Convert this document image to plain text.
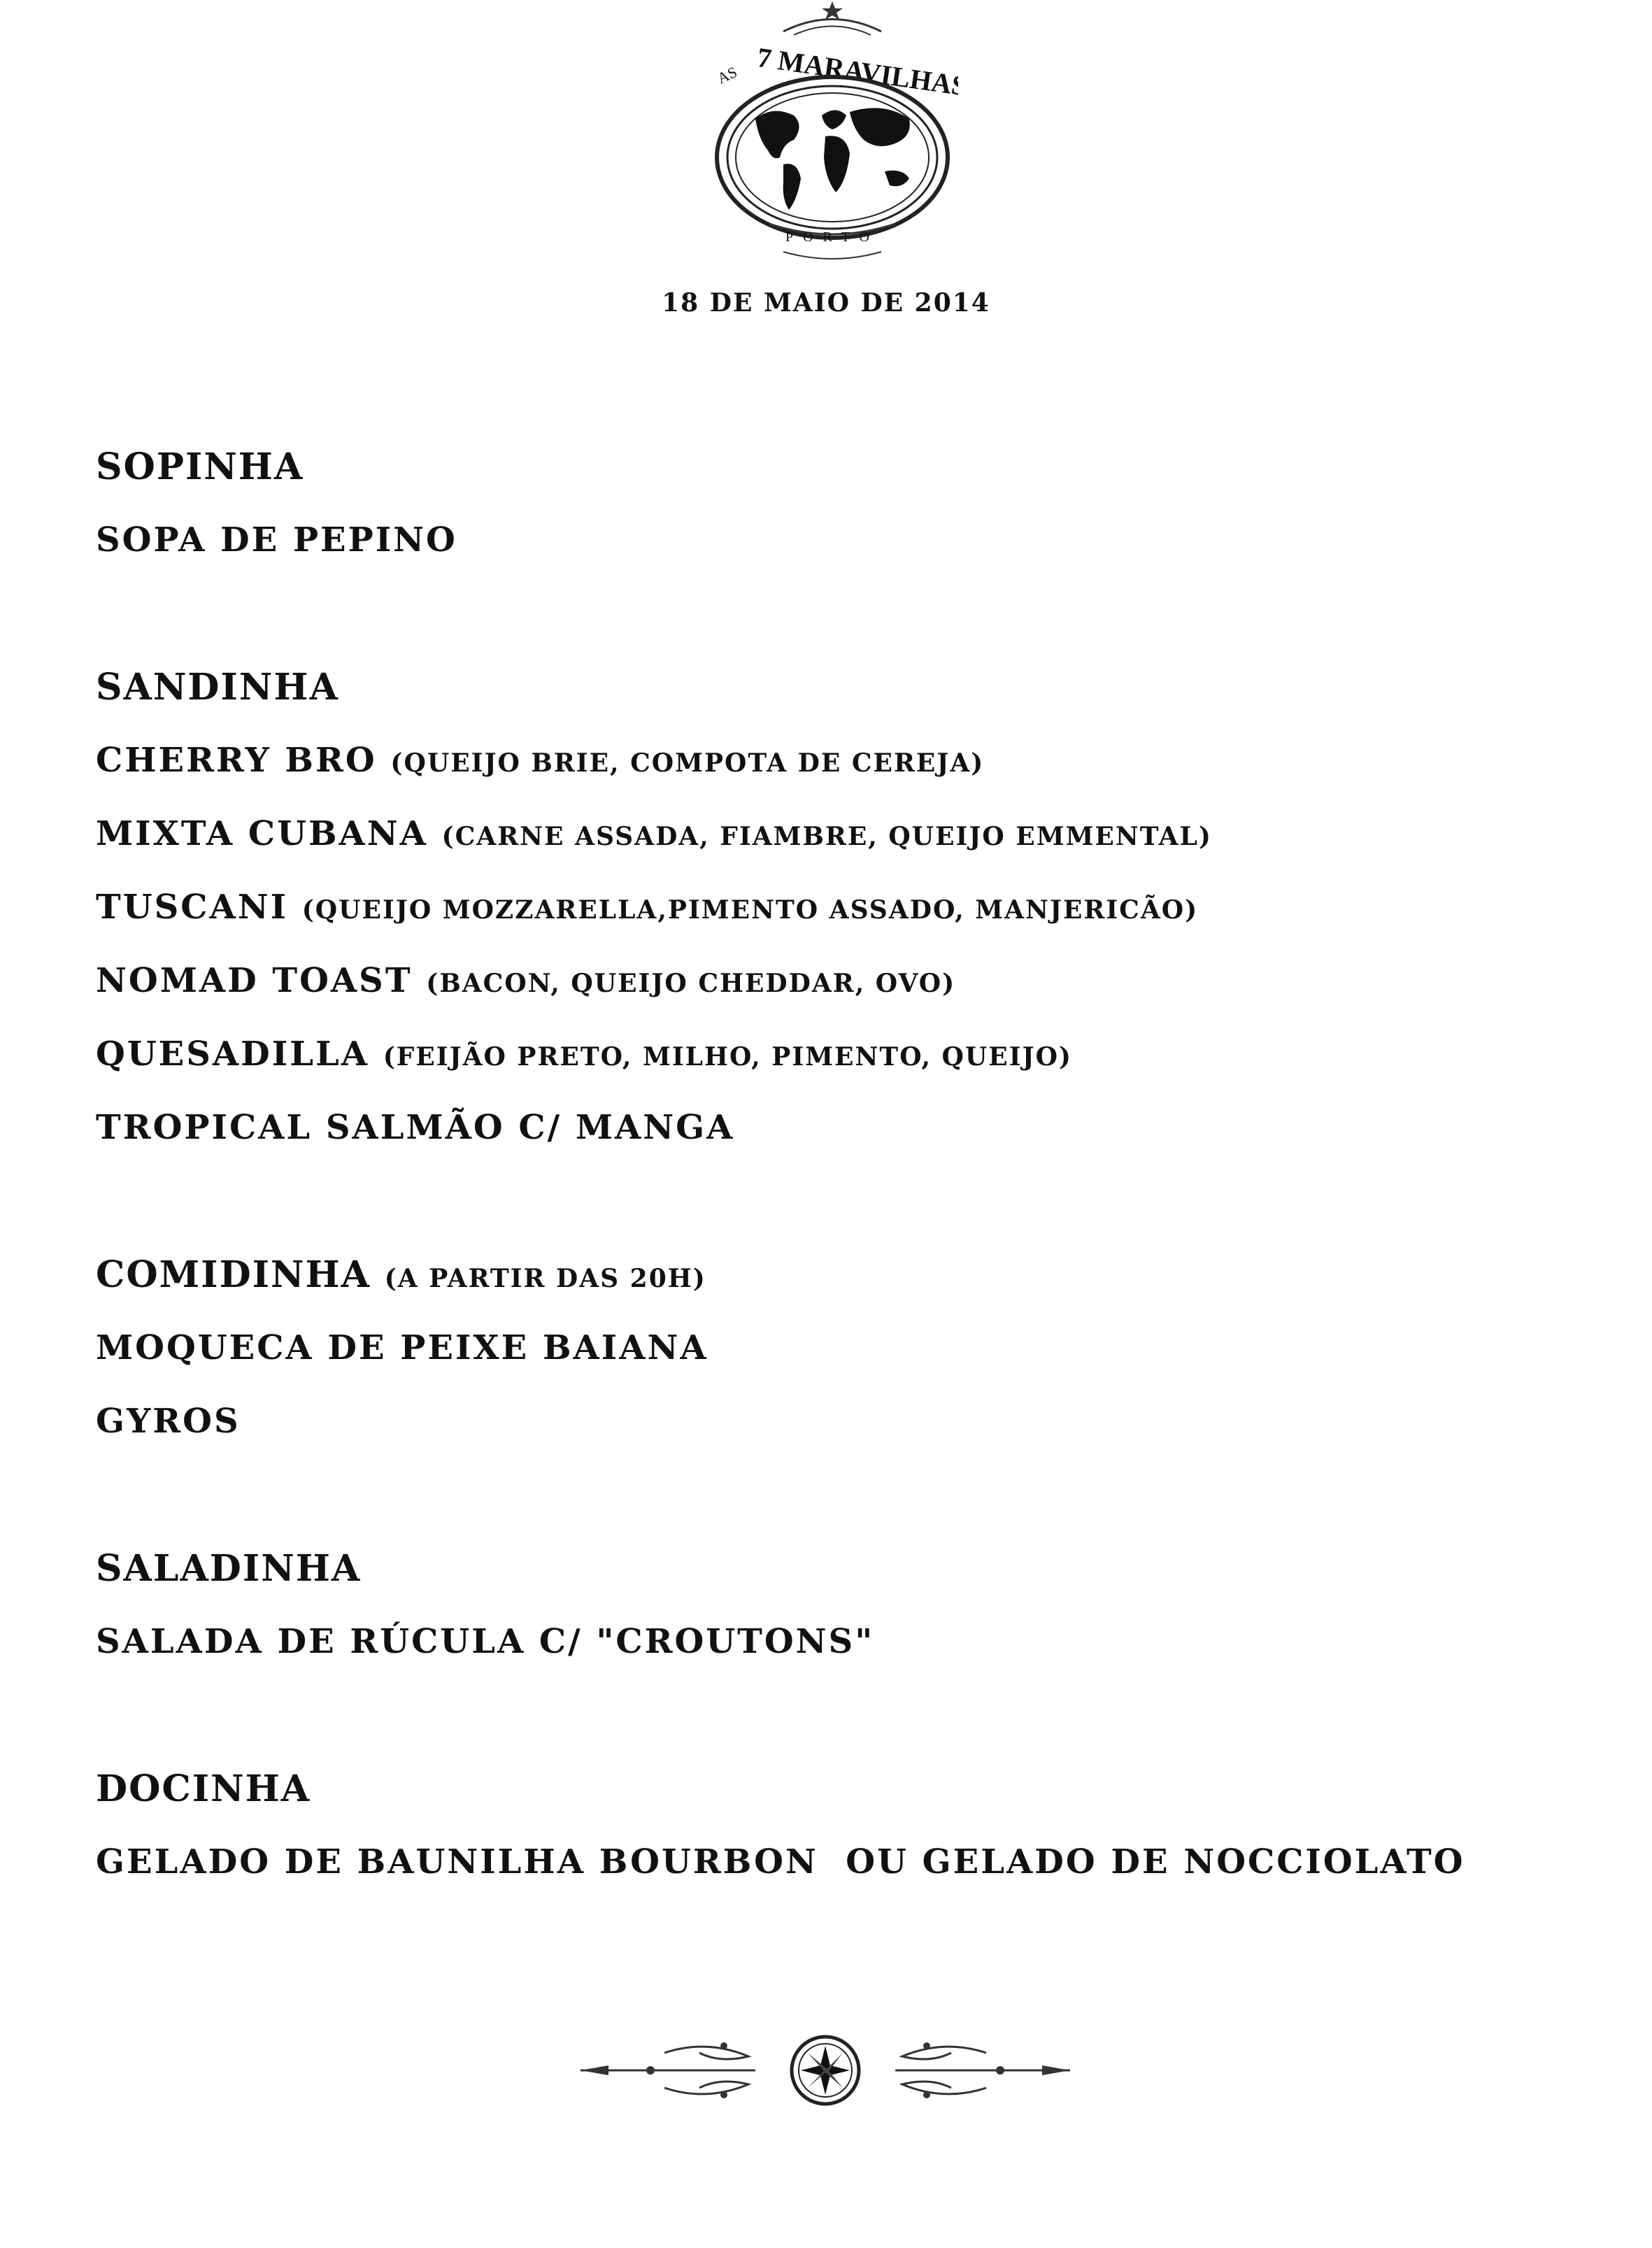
AS 7 MARAVILHAS
PORTO
18 DE MAIO DE 2014
SOPINHA
SOPA DE PEPINO
SANDINHA
CHERRY BRO (QUEIJO BRIE, COMPOTA DE CEREJA)
MIXTA CUBANA (CARNE ASSADA, FIAMBRE, QUEIJO EMMENTAL)
TUSCANI (QUEIJO MOZZARELLA,PIMENTO ASSADO, MANJERICÃO)
NOMAD TOAST (BACON, QUEIJO CHEDDAR, OVO)
QUESADILLA (FEIJÃO PRETO, MILHO, PIMENTO, QUEIJO)
TROPICAL SALMÃO C/ MANGA
COMIDINHA (A PARTIR DAS 20H)
MOQUECA DE PEIXE BAIANA
GYROS
SALADINHA
SALADA DE RÚCULA C/ "CROUTONS"
DOCINHA
GELADO DE BAUNILHA BOURBON  OU GELADO DE NOCCIOLATO
